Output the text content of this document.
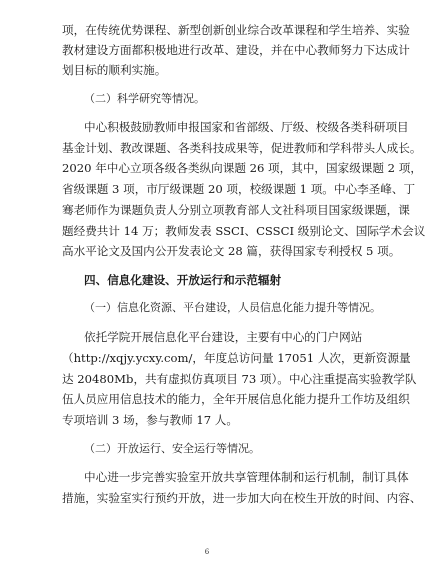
项，在传统优势课程、新型创新创业综合改革课程和学生培养、实验
教材建设方面都积极地进行改革、建设，并在中心教师努力下达成计
划目标的顺利实施。
（二）科学研究等情况。
中心积极鼓励教师申报国家和省部级、厅级、校级各类科研项目
基金计划、教改课题、各类科技成果等，促进教师和学科带头人成长。
2020 年中心立项各级各类纵向课题 26 项，其中，国家级课题 2 项，
省级课题 3 项，市厅级课题 20 项，校级课题 1 项。中心李圣峰、丁
骞老师作为课题负责人分别立项教育部人文社科项目国家级课题，课
题经费共计 14 万；教师发表 SSCI、CSSCI 级别论文、国际学术会议
高水平论文及国内公开发表论文 28 篇，获得国家专利授权 5 项。
四、信息化建设、开放运行和示范辐射
（一）信息化资源、平台建设，人员信息化能力提升等情况。
依托学院开展信息化平台建设，主要有中心的门户网站
（http://xqjy.ycxy.com/，年度总访问量 17051 人次，更新资源量
达 20480Mb，共有虚拟仿真项目 73 项）。中心注重提高实验教学队
伍人员应用信息技术的能力，全年开展信息化能力提升工作坊及组织
专项培训 3 场，参与教师 17 人。
（二）开放运行、安全运行等情况。
中心进一步完善实验室开放共享管理体制和运行机制，制订具体
措施，实验室实行预约开放，进一步加大向在校生开放的时间、内容、
6
